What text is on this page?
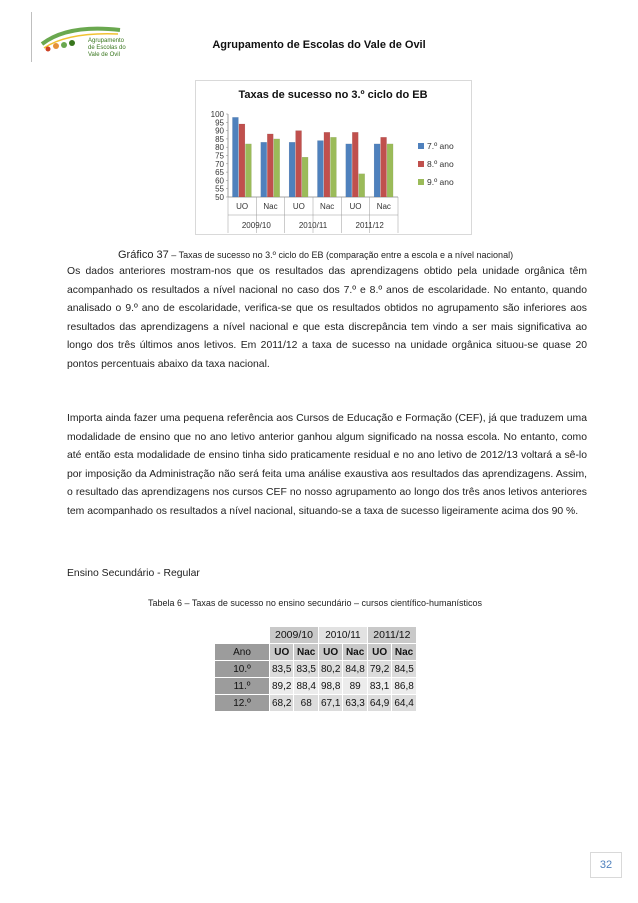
Agrupamento
de Escolas do
Vale de Ovil
Agrupamento de Escolas do Vale de Ovil
Taxas de sucesso no 3.º ciclo do EB
50
55
60
65
70
75
80
85
90
95
100
UO Nac UO Nac UO Nac
2009/10	2010/11	2011/12
7.º ano
8.º ano
9.º ano
Gráfico 37 – Taxas de sucesso no 3.º ciclo do EB (comparação entre a escola e a nível nacional)

Os dados anteriores mostram-nos que os resultados das aprendizagens obtido pela unidade orgânica têm acompanhado os resultados a nível nacional no caso dos 7.º e 8.º anos de escolaridade. No entanto, quando analisado o 9.º ano de escolaridade, verifica-se que os resultados obtidos no agrupamento são inferiores aos resultados das aprendizagens a nível nacional e que esta discrepância tem vindo a ser mais significativa ao longo dos três últimos anos letivos. Em 2011/12 a taxa de sucesso na unidade orgânica situou-se quase 20 pontos percentuais abaixo da taxa nacional.

Importa ainda fazer uma pequena referência aos Cursos de Educação e Formação (CEF), já que traduzem uma modalidade de ensino que no ano letivo anterior ganhou algum significado na nossa escola. No entanto, como até então esta modalidade de ensino tinha sido praticamente residual e no ano letivo de 2012/13 voltará a sê-lo por imposição da Administração não será feita uma análise exaustiva aos resultados das aprendizagens. Assim, o resultado das aprendizagens nos cursos CEF no nosso agrupamento ao longo dos três anos letivos anteriores tem acompanhado os resultados a nível nacional, situando-se a taxa de sucesso ligeiramente acima dos 90 %.

Ensino Secundário - Regular
Tabela 6 – Taxas de sucesso no ensino secundário – cursos científico-humanísticos
	2009/10		2010/11		2011/12	
Ano	UO	Nac	UO	Nac	UO	Nac
10.º	83,5	83,5	80,2	84,8	79,2	84,5
11.º	89,2	88,4	98,8	89	83,1	86,8
12.º	68,2	68	67,1	63,3	64,9	64,4
32
